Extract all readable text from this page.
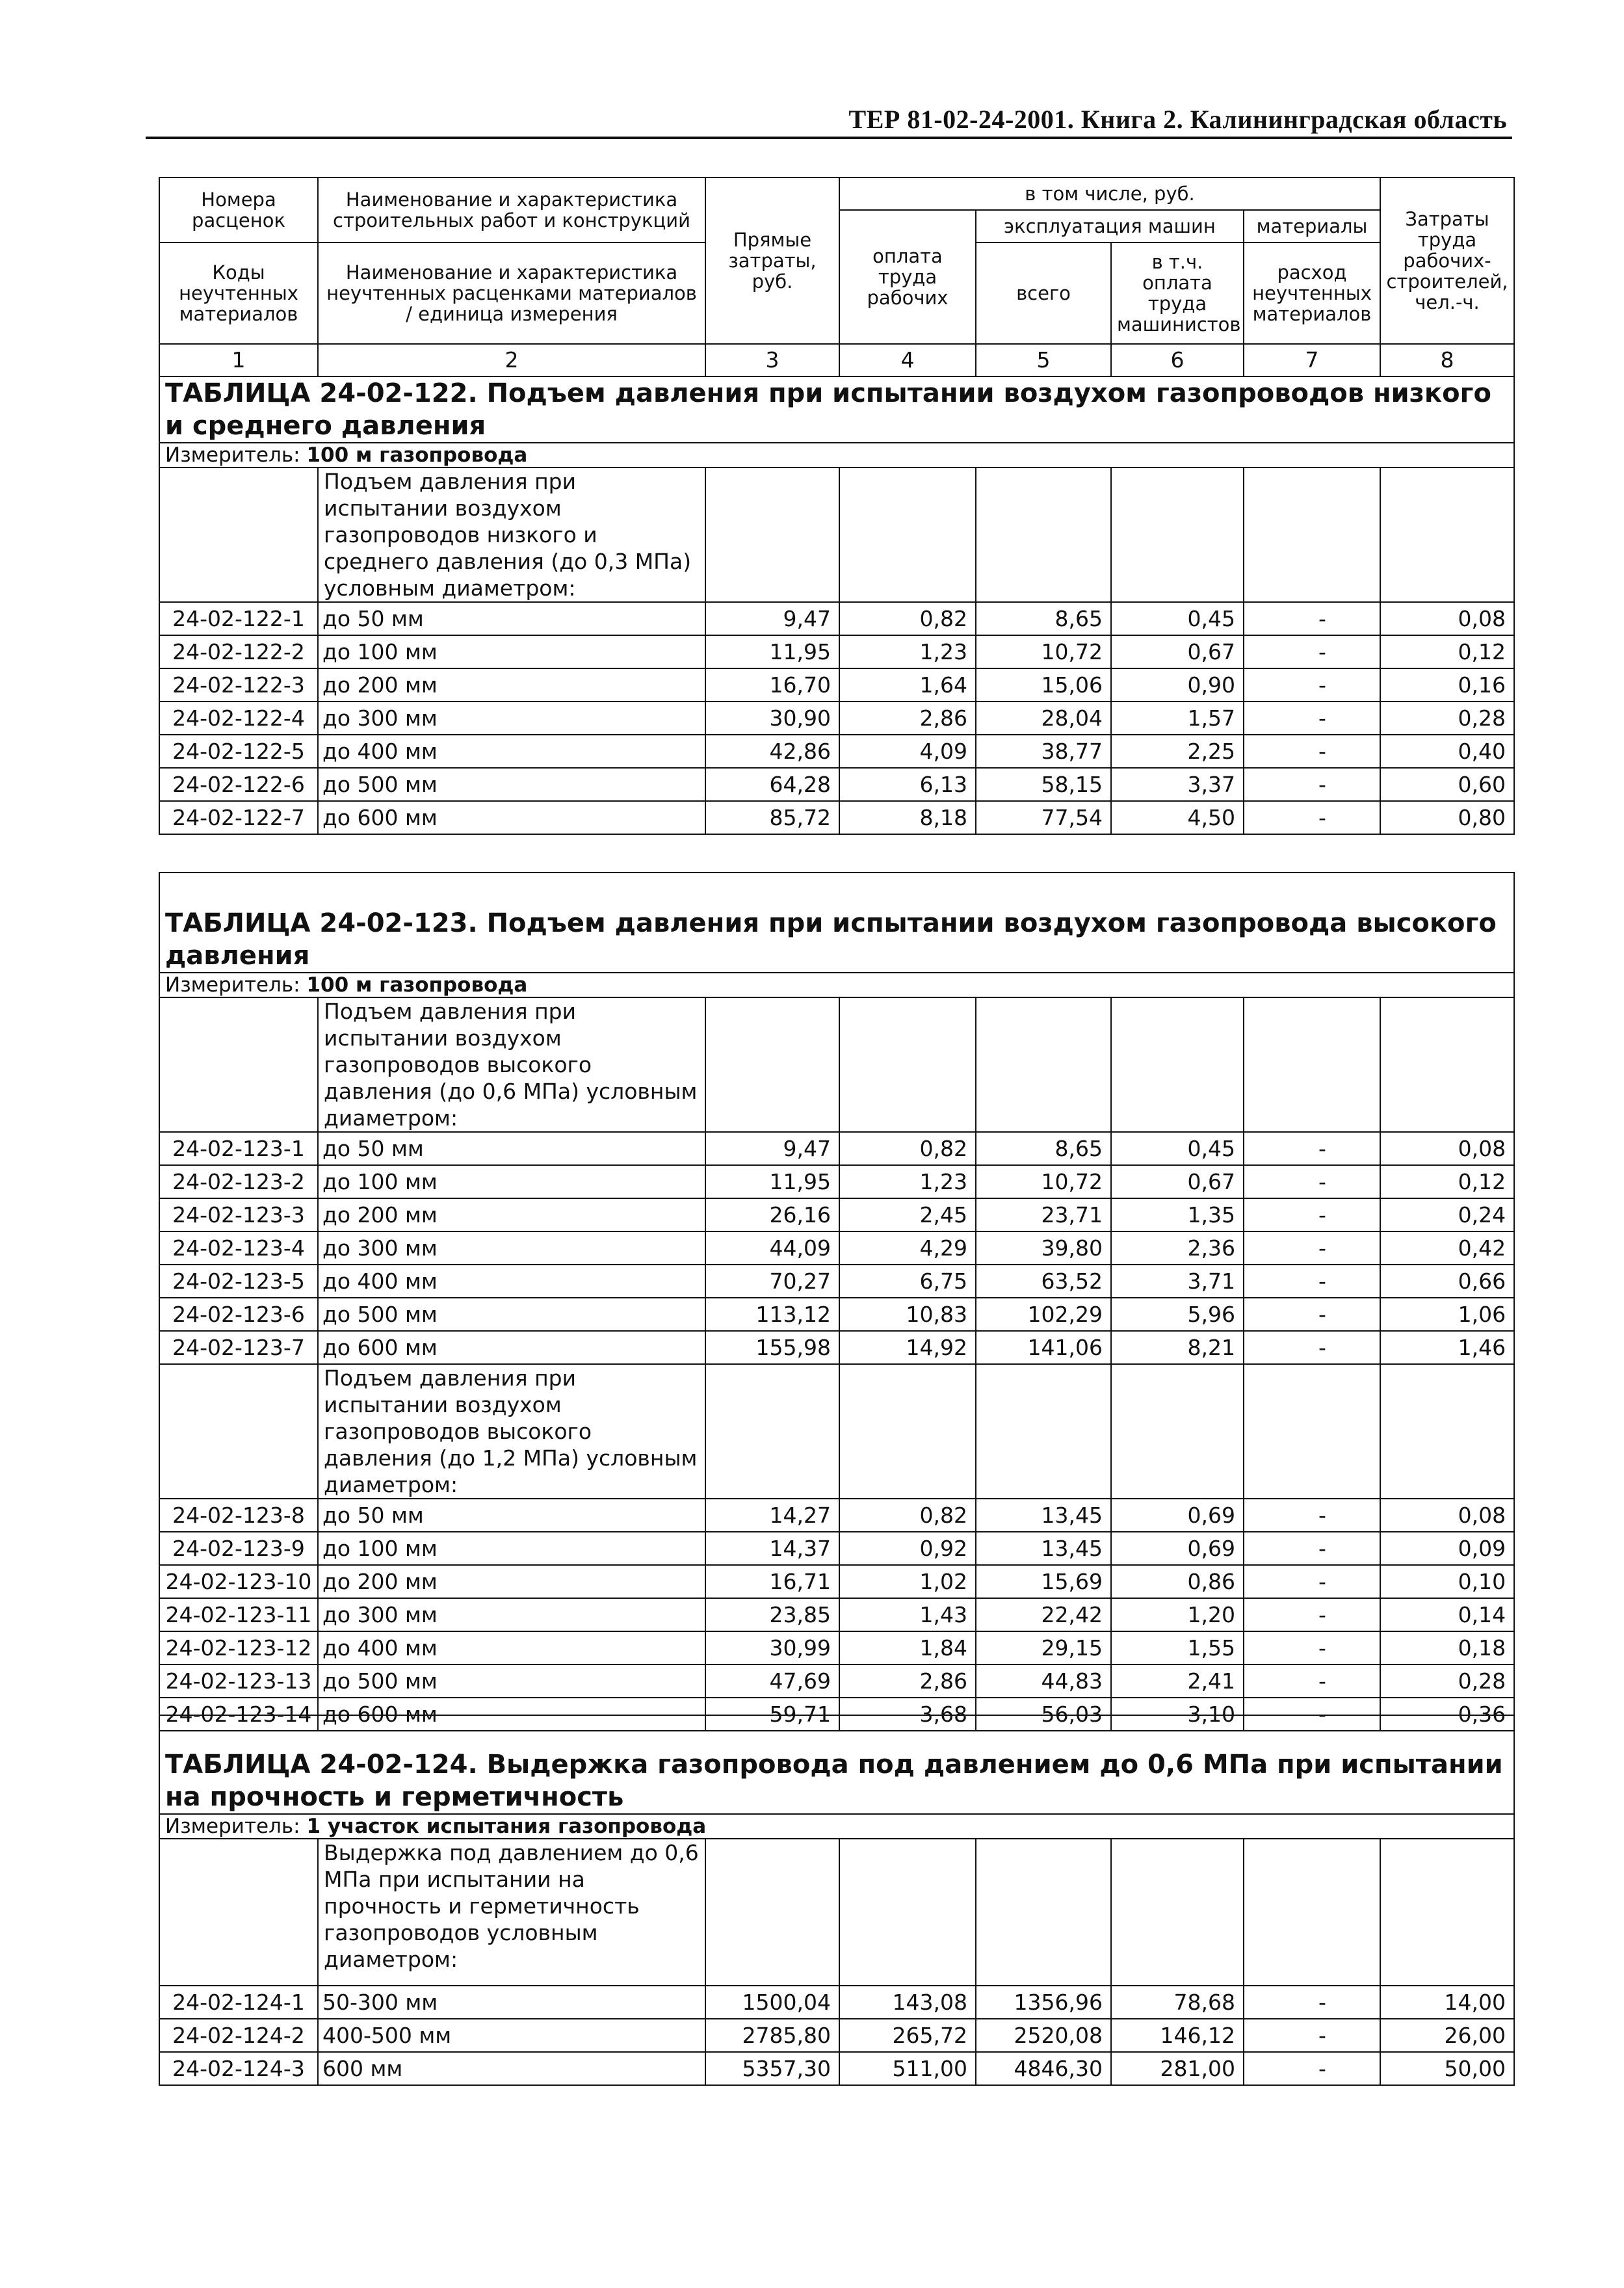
ТЕР 81-02-24-2001. Книга 2. Калининградская область
Номера расценок	Наименование и характеристика строительных работ и конструкций	Прямые затраты, руб.	в том числе, руб.				Затраты труда рабочих-строителей, чел.-ч.
			оплата труда рабочих	эксплуатация машин		материалы	
Коды неучтенных материалов	Наименование и характеристика неучтенных расценками материалов / единица измерения			всего	в т.ч. оплата труда машинистов	расход неучтенных материалов	

1	2	3	4	5	6	7	8
ТАБЛИЦА 24-02-122. Подъем давления при испытании воздухом газопроводов низкого и среднего давления							

Измеритель: 100 м газопровода							
	Подъем давления при испытании воздухом газопроводов низкого и среднего давления (до 0,3 МПа) условным диаметром:						
24-02-122-1	до 50 мм	9,47	0,82	8,65	0,45	-	0,08
24-02-122-2	до 100 мм	11,95	1,23	10,72	0,67	-	0,12
24-02-122-3	до 200 мм	16,70	1,64	15,06	0,90	-	0,16
24-02-122-4	до 300 мм	30,90	2,86	28,04	1,57	-	0,28
24-02-122-5	до 400 мм	42,86	4,09	38,77	2,25	-	0,40
24-02-122-6	до 500 мм	64,28	6,13	58,15	3,37	-	0,60
24-02-122-7	до 600 мм	85,72	8,18	77,54	4,50	-	0,80
ТАБЛИЦА 24-02-123. Подъем давления при испытании воздухом газопровода высокого давления							

Измеритель: 100 м газопровода							
	Подъем давления при испытании воздухом газопроводов высокого давления (до 0,6 МПа) условным диаметром:						
24-02-123-1	до 50 мм	9,47	0,82	8,65	0,45	-	0,08
24-02-123-2	до 100 мм	11,95	1,23	10,72	0,67	-	0,12
24-02-123-3	до 200 мм	26,16	2,45	23,71	1,35	-	0,24
24-02-123-4	до 300 мм	44,09	4,29	39,80	2,36	-	0,42
24-02-123-5	до 400 мм	70,27	6,75	63,52	3,71	-	0,66
24-02-123-6	до 500 мм	113,12	10,83	102,29	5,96	-	1,06
24-02-123-7	до 600 мм	155,98	14,92	141,06	8,21	-	1,46
	Подъем давления при испытании воздухом газопроводов высокого давления (до 1,2 МПа) условным диаметром:						
24-02-123-8	до 50 мм	14,27	0,82	13,45	0,69	-	0,08
24-02-123-9	до 100 мм	14,37	0,92	13,45	0,69	-	0,09
24-02-123-10	до 200 мм	16,71	1,02	15,69	0,86	-	0,10
24-02-123-11	до 300 мм	23,85	1,43	22,42	1,20	-	0,14
24-02-123-12	до 400 мм	30,99	1,84	29,15	1,55	-	0,18
24-02-123-13	до 500 мм	47,69	2,86	44,83	2,41	-	0,28
24-02-123-14	до 600 мм	59,71	3,68	56,03	3,10	-	0,36
ТАБЛИЦА 24-02-124. Выдержка газопровода под давлением до 0,6 МПа при испытании на прочность и герметичность							

Измеритель: 1 участок испытания газопровода							
	Выдержка под давлением до 0,6 МПа при испытании на прочность и герметичность газопроводов условным диаметром:						
24-02-124-1	50-300 мм	1500,04	143,08	1356,96	78,68	-	14,00
24-02-124-2	400-500 мм	2785,80	265,72	2520,08	146,12	-	26,00
24-02-124-3	600 мм	5357,30	511,00	4846,30	281,00	-	50,00
